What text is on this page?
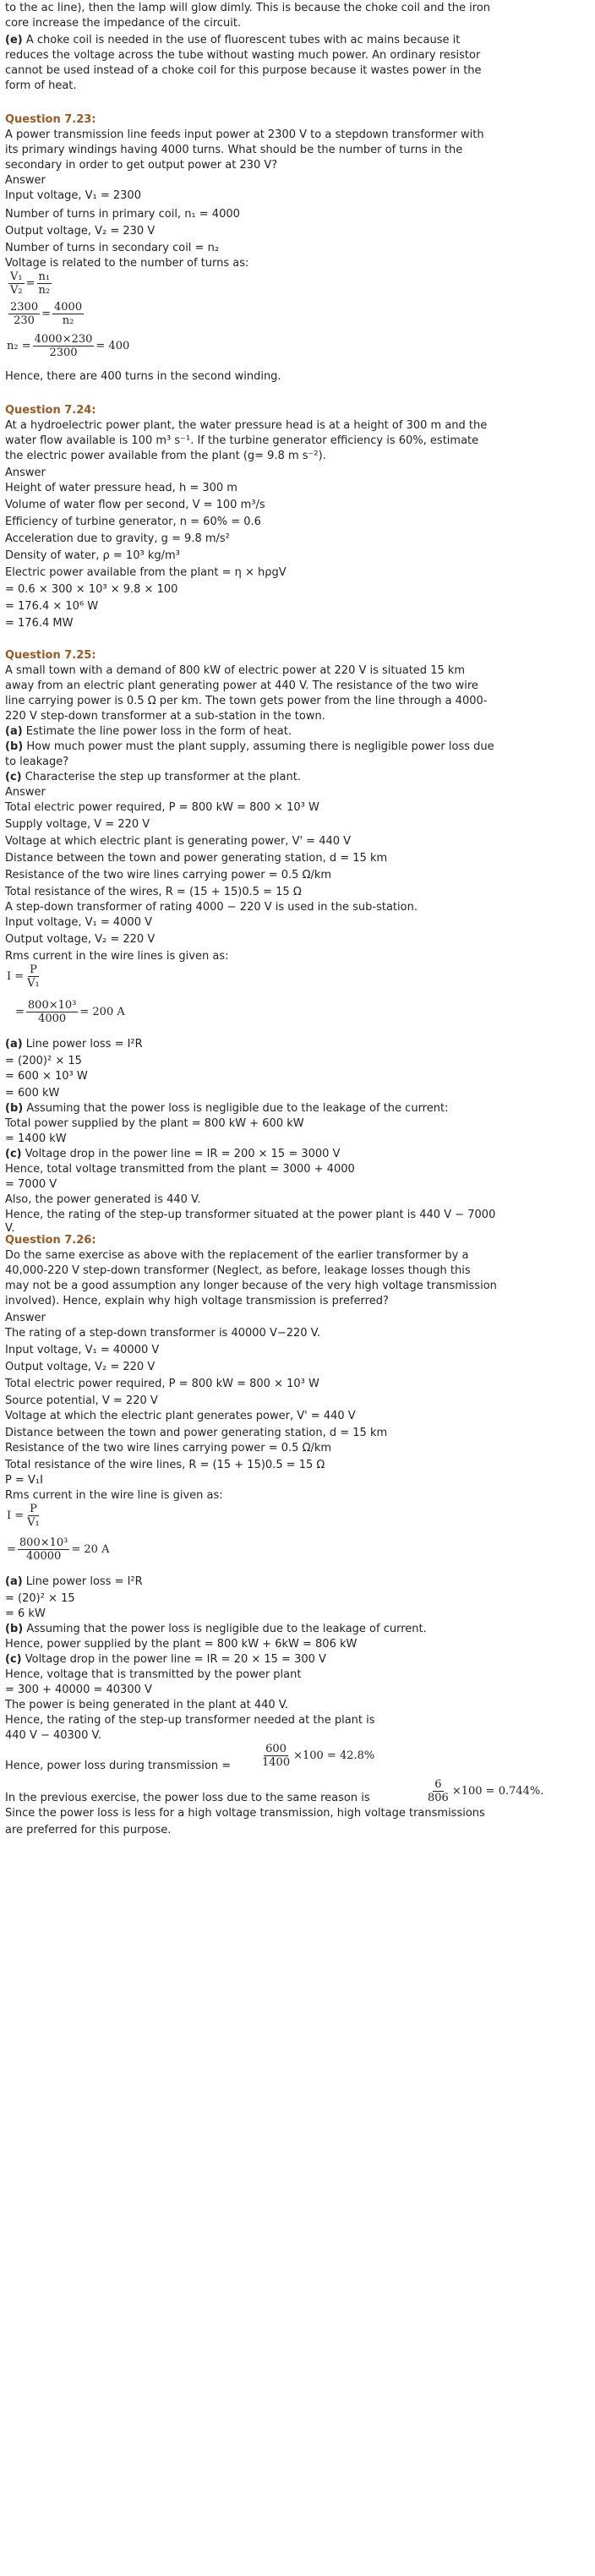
to the ac line), then the lamp will glow dimly. This is because the choke coil and the iron
core increase the impedance of the circuit.
(e) A choke coil is needed in the use of fluorescent tubes with ac mains because it
reduces the voltage across the tube without wasting much power. An ordinary resistor
cannot be used instead of a choke coil for this purpose because it wastes power in the
form of heat.
Question 7.23:
A power transmission line feeds input power at 2300 V to a stepdown transformer with
its primary windings having 4000 turns. What should be the number of turns in the
secondary in order to get output power at 230 V?
Answer
Input voltage, V₁ = 2300
Number of turns in primary coil, n₁ = 4000
Output voltage, V₂ = 230 V
Number of turns in secondary coil = n₂
Voltage is related to the number of turns as:
$\frac{\text{V₁}}{\text{V₂}} = \frac{\text{n₁}}{\text{n₂}}$
$\frac{2300}{230} = \frac{4000}{\text{n₂}}$
$n_2 = \frac{4000\times 230}{2300} = 400$
Hence, there are 400 turns in the second winding.
Question 7.24:
At a hydroelectric power plant, the water pressure head is at a height of 300 m and the
water flow available is 100 m³ s⁻¹. If the turbine generator efficiency is 60%, estimate
the electric power available from the plant (g= 9.8 m s⁻²).
Answer
Height of water pressure head, h = 300 m
Volume of water flow per second, V = 100 m³/s
Efficiency of turbine generator, n = 60% = 0.6
Acceleration due to gravity, g = 9.8 m/s²
Density of water, ρ = 10³ kg/m³
Electric power available from the plant = η × hρgV
= 0.6 × 300 × 10³ × 9.8 × 100
= 176.4 × 10⁶ W
= 176.4 MW
Question 7.25:
A small town with a demand of 800 kW of electric power at 220 V is situated 15 km
away from an electric plant generating power at 440 V. The resistance of the two wire
line carrying power is 0.5 Ω per km. The town gets power from the line through a 4000-
220 V step-down transformer at a sub-station in the town.
(a) Estimate the line power loss in the form of heat.
(b) How much power must the plant supply, assuming there is negligible power loss due
to leakage?
(c) Characterise the step up transformer at the plant.
Answer
Total electric power required, P = 800 kW = 800 × 10³ W
Supply voltage, V = 220 V
Voltage at which electric plant is generating power, V' = 440 V
Distance between the town and power generating station, d = 15 km
Resistance of the two wire lines carrying power = 0.5 Ω/km
Total resistance of the wires, R = (15 + 15)0.5 = 15 Ω
A step-down transformer of rating 4000 − 220 V is used in the sub-station.
Input voltage, V₁ = 4000 V
Output voltage, V₂ = 220 V
Rms current in the wire lines is given as:
$I = \frac{P}{\text{V₁}}$
= $\frac{\text{800×10³}}{4000} = 200$ A
(a) Line power loss = I²R
= (200)² × 15
= 600 × 10³ W
= 600 kW
(b) Assuming that the power loss is negligible due to the leakage of the current:
Total power supplied by the plant = 800 kW + 600 kW
= 1400 kW
(c) Voltage drop in the power line = IR = 200 × 15 = 3000 V
Hence, total voltage transmitted from the plant = 3000 + 4000
= 7000 V
Also, the power generated is 440 V.
Hence, the rating of the step-up transformer situated at the power plant is 440 V − 7000
V.
Question 7.26:
Do the same exercise as above with the replacement of the earlier transformer by a
40,000-220 V step-down transformer (Neglect, as before, leakage losses though this
may not be a good assumption any longer because of the very high voltage transmission
involved). Hence, explain why high voltage transmission is preferred?
Answer
The rating of a step-down transformer is 40000 V−220 V.
Input voltage, V₁ = 40000 V
Output voltage, V₂ = 220 V
Total electric power required, P = 800 kW = 800 × 10³ W
Source potential, V = 220 V
Voltage at which the electric plant generates power, V' = 440 V
Distance between the town and power generating station, d = 15 km
Resistance of the two wire lines carrying power = 0.5 Ω/km
Total resistance of the wire lines, R = (15 + 15)0.5 = 15 Ω
P = V₁I
Rms current in the wire line is given as:
$I = \frac{P}{\text{V₁}}$
= $\frac{\text{800×10³}}{40000} = 20$ A
(a) Line power loss = I²R
= (20)² × 15
= 6 kW
(b) Assuming that the power loss is negligible due to the leakage of current.
Hence, power supplied by the plant = 800 kW + 6kW = 806 kW
(c) Voltage drop in the power line = IR = 20 × 15 = 300 V
Hence, voltage that is transmitted by the power plant
= 300 + 40000 = 40300 V
The power is being generated in the plant at 440 V.
Hence, the rating of the step-up transformer needed at the plant is
440 V − 40300 V.
Hence, power loss during transmission =	$\frac{600}{1400} \times 100 = 42.8\%$
In the previous exercise, the power loss due to the same reason is	$\frac{6}{806} \times 100 = 0.744\%$ .
Since the power loss is less for a high voltage transmission, high voltage transmissions
are preferred for this purpose.
